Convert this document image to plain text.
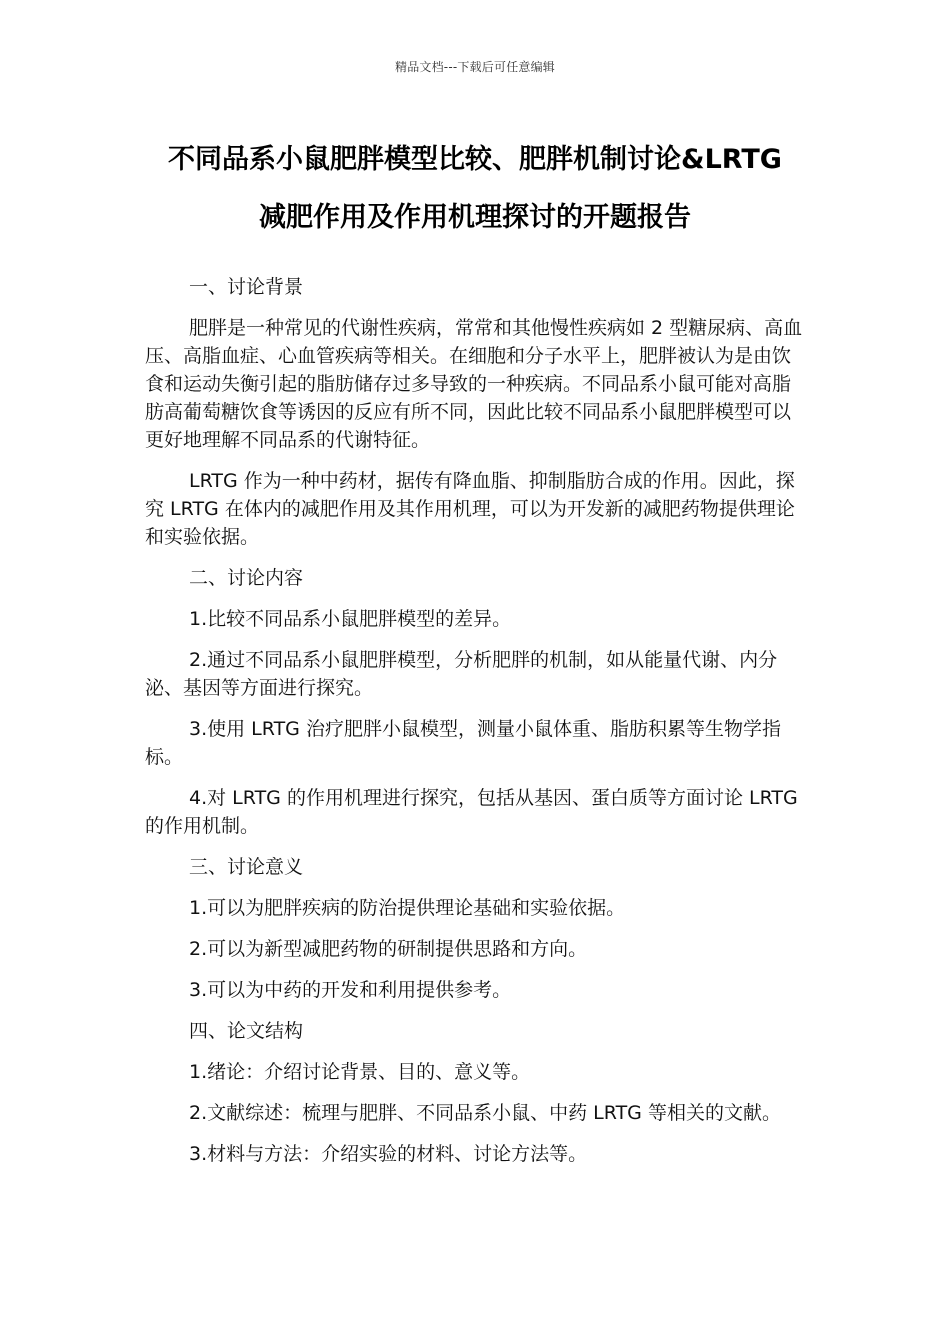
精品文档---下载后可任意编辑
不同品系小鼠肥胖模型比较、肥胖机制讨论&LRTG
减肥作用及作用机理探讨的开题报告

一、讨论背景

肥胖是一种常见的代谢性疾病，常常和其他慢性疾病如 2 型糖尿病、高血压、高脂血症、心血管疾病等相关。在细胞和分子水平上，肥胖被认为是由饮食和运动失衡引起的脂肪储存过多导致的一种疾病。不同品系小鼠可能对高脂肪高葡萄糖饮食等诱因的反应有所不同，因此比较不同品系小鼠肥胖模型可以更好地理解不同品系的代谢特征。

LRTG 作为一种中药材，据传有降血脂、抑制脂肪合成的作用。因此，探究 LRTG 在体内的减肥作用及其作用机理，可以为开发新的减肥药物提供理论和实验依据。

二、讨论内容

1.比较不同品系小鼠肥胖模型的差异。

2.通过不同品系小鼠肥胖模型，分析肥胖的机制，如从能量代谢、内分泌、基因等方面进行探究。

3.使用 LRTG 治疗肥胖小鼠模型，测量小鼠体重、脂肪积累等生物学指标。

4.对 LRTG 的作用机理进行探究，包括从基因、蛋白质等方面讨论 LRTG 的作用机制。

三、讨论意义

1.可以为肥胖疾病的防治提供理论基础和实验依据。

2.可以为新型减肥药物的研制提供思路和方向。

3.可以为中药的开发和利用提供参考。

四、论文结构

1.绪论：介绍讨论背景、目的、意义等。

2.文献综述：梳理与肥胖、不同品系小鼠、中药 LRTG 等相关的文献。

3.材料与方法：介绍实验的材料、讨论方法等。
